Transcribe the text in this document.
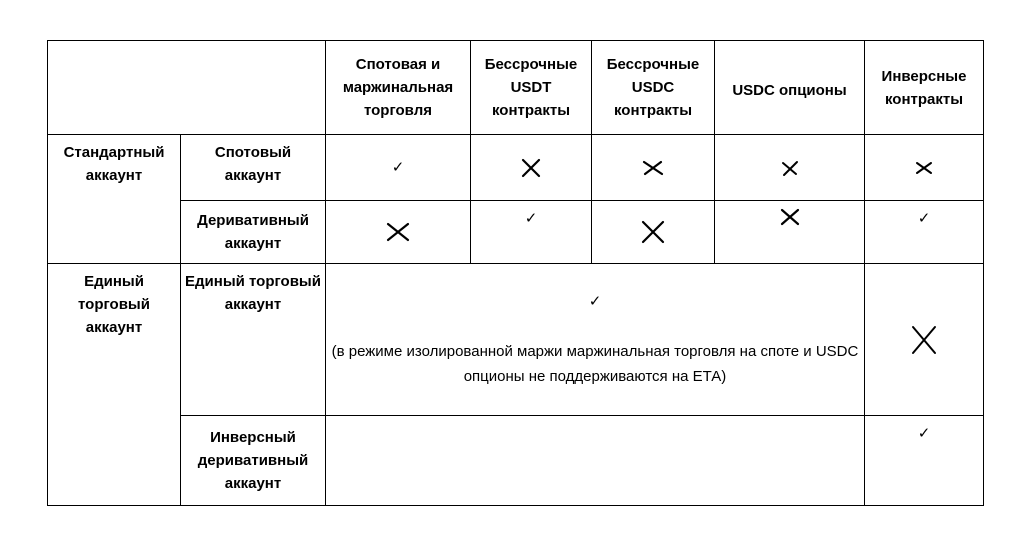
		Спотовая и маржинальная торговля	Бессрочные USDT контракты	Бессрочные USDC контракты	USDC опционы	Инверсные контракты
Стандартный аккаунт	Спотовый аккаунт	✓	

	Деривативный аккаунт		✓			✓
Единый торговый аккаунт	Единый торговый аккаунт	✓
(в режиме изолированной маржи маржинальная торговля на споте и USDC опционы не поддерживаются на ЕТА)

	Инверсный деривативный аккаунт					✓
